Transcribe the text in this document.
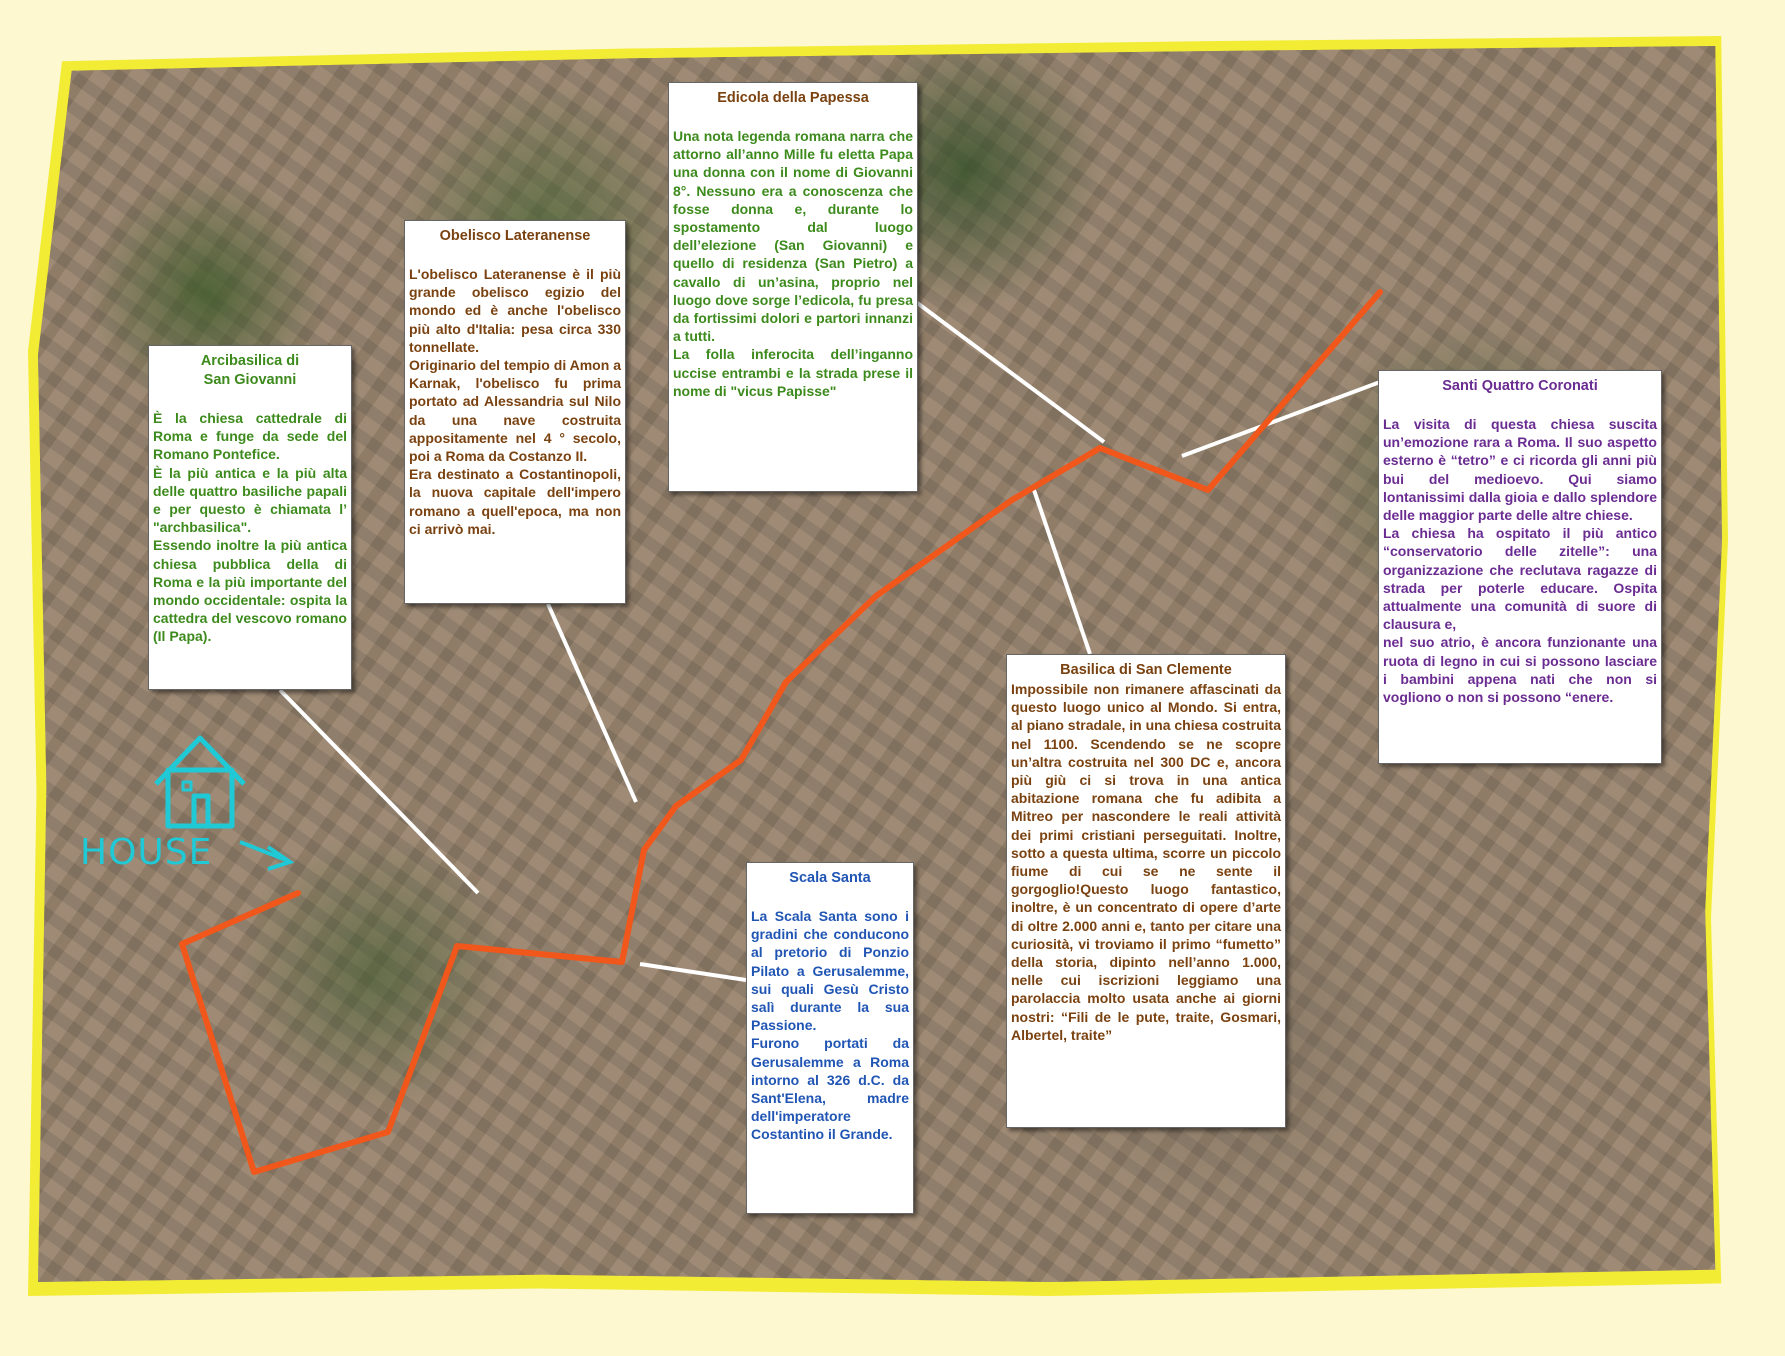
HOUSE
Arcibasilica di
San Giovanni

È la chiesa cattedrale di Roma e funge da sede del Romano Pontefice.

È la più antica e la più alta delle quattro basiliche papali e per questo è chiamata l’ "archbasilica".

Essendo inoltre la più antica chiesa pubblica della di Roma e la più importante del mondo occidentale: ospita la cattedra del vescovo romano (Il Papa).

Obelisco Lateranense

L'obelisco Lateranense è il più grande obelisco egizio del mondo ed è anche l'obelisco più alto d'Italia: pesa circa 330 tonnellate.

Originario del tempio di Amon a Karnak, l'obelisco fu prima portato ad Alessandria sul Nilo da una nave costruita appositamente nel 4 ° secolo, poi a Roma da Costanzo II.

Era destinato a Costantinopoli, la nuova capitale dell'impero romano a quell'epoca, ma non ci arrivò mai.

Edicola della Papessa

Una nota legenda romana narra che attorno all’anno Mille fu eletta Papa una donna con il nome di Giovanni 8°. Nessuno era a conoscenza che fosse donna e, durante lo spostamento dal luogo dell’elezione (San Giovanni) e quello di residenza (San Pietro) a cavallo di un’asina, proprio nel luogo dove sorge l’edicola, fu presa da fortissimi dolori e partori innanzi a tutti.

La folla inferocita dell’inganno uccise entrambi e la strada prese il nome di "vicus Papisse"	Santi Quattro Coronati

La visita di questa chiesa suscita un’emozione rara a Roma. Il suo aspetto esterno è “tetro” e ci ricorda gli anni più bui del medioevo. Qui siamo lontanissimi dalla gioia e dallo splendore delle maggior parte delle altre chiese.

La chiesa ha ospitato il più antico “conservatorio delle zitelle”: una organizzazione che reclutava ragazze di strada per poterle educare. Ospita attualmente una comunità di suore di clausura e,

nel suo atrio, è ancora funzionante una ruota di legno in cui si possono lasciare i bambini appena nati che non si vogliono o non si possono “enere.

Basilica di San Clemente

Impossibile non rimanere affascinati da questo luogo unico al Mondo. Si entra, al piano stradale, in una chiesa costruita nel 1100. Scendendo se ne scopre un’altra costruita nel 300 DC e, ancora più giù ci si trova in una antica abitazione romana che fu adibita a Mitreo per nascondere le reali attività dei primi cristiani perseguitati. Inoltre, sotto a questa ultima, scorre un piccolo fiume di cui se ne sente il gorgoglio!Questo luogo fantastico, inoltre, è un concentrato di opere d’arte di oltre 2.000 anni e, tanto per citare una curiosità, vi troviamo il primo “fumetto” della storia, dipinto nell’anno 1.000, nelle cui iscrizioni leggiamo una parolaccia molto usata anche ai giorni nostri: “Fili de le pute, traite, Gosmari, Albertel, traite”

Scala Santa

La Scala Santa sono i gradini che conducono al pretorio di Ponzio Pilato a Gerusalemme, sui quali Gesù Cristo salì durante la sua Passione.

Furono portati da Gerusalemme a Roma intorno al 326 d.C. da Sant'Elena, madre dell'imperatore Costantino il Grande.
